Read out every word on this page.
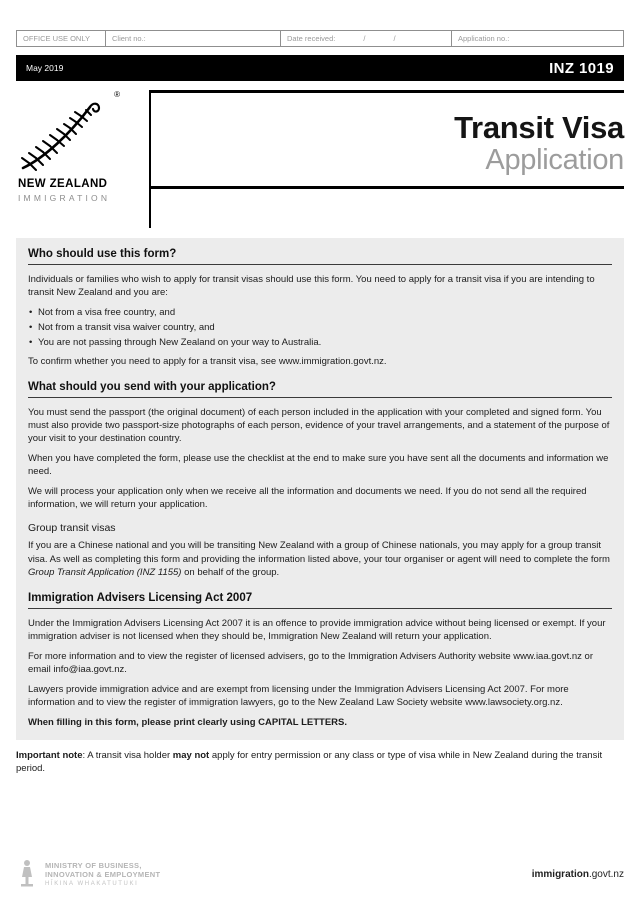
OFFICE USE ONLY	Client no.:	Date received:	/	/	Application no.:
May 2019	INZ 1019
®
NEW ZEALAND
IMMIGRATION
Transit Visa
Application
Who should use this form?

Individuals or families who wish to apply for transit visas should use this form. You need to apply for a transit visa if you are intending to transit New Zealand and you are:

• Not from a visa free country, and
• Not from a transit visa waiver country, and
• You are not passing through New Zealand on your way to Australia.

To confirm whether you need to apply for a transit visa, see www.immigration.govt.nz.

What should you send with your application?

You must send the passport (the original document) of each person included in the application with your completed and signed form. You must also provide two passport-size photographs of each person, evidence of your travel arrangements, and a statement of the purpose of your visit to your destination country.

When you have completed the form, please use the checklist at the end to make sure you have sent all the documents and information we need.

We will process your application only when we receive all the information and documents we need. If you do not send all the required information, we will return your application.

Group transit visas

If you are a Chinese national and you will be transiting New Zealand with a group of Chinese nationals, you may apply for a group transit visa. As well as completing this form and providing the information listed above, your tour organiser or agent will need to complete the form Group Transit Application (INZ 1155) on behalf of the group.

Immigration Advisers Licensing Act 2007

Under the Immigration Advisers Licensing Act 2007 it is an offence to provide immigration advice without being licensed or exempt. If your immigration adviser is not licensed when they should be, Immigration New Zealand will return your application.

For more information and to view the register of licensed advisers, go to the Immigration Advisers Authority website www.iaa.govt.nz or email info@iaa.govt.nz.

Lawyers provide immigration advice and are exempt from licensing under the Immigration Advisers Licensing Act 2007. For more information and to view the register of immigration lawyers, go to the New Zealand Law Society website www.lawsociety.org.nz.

When filling in this form, please print clearly using CAPITAL LETTERS.

Important note: A transit visa holder may not apply for entry permission or any class or type of visa while in New Zealand during the transit period.

MINISTRY OF BUSINESS,
INNOVATION & EMPLOYMENT
HĪKINA WHAKATUTUKI
immigration.govt.nz
